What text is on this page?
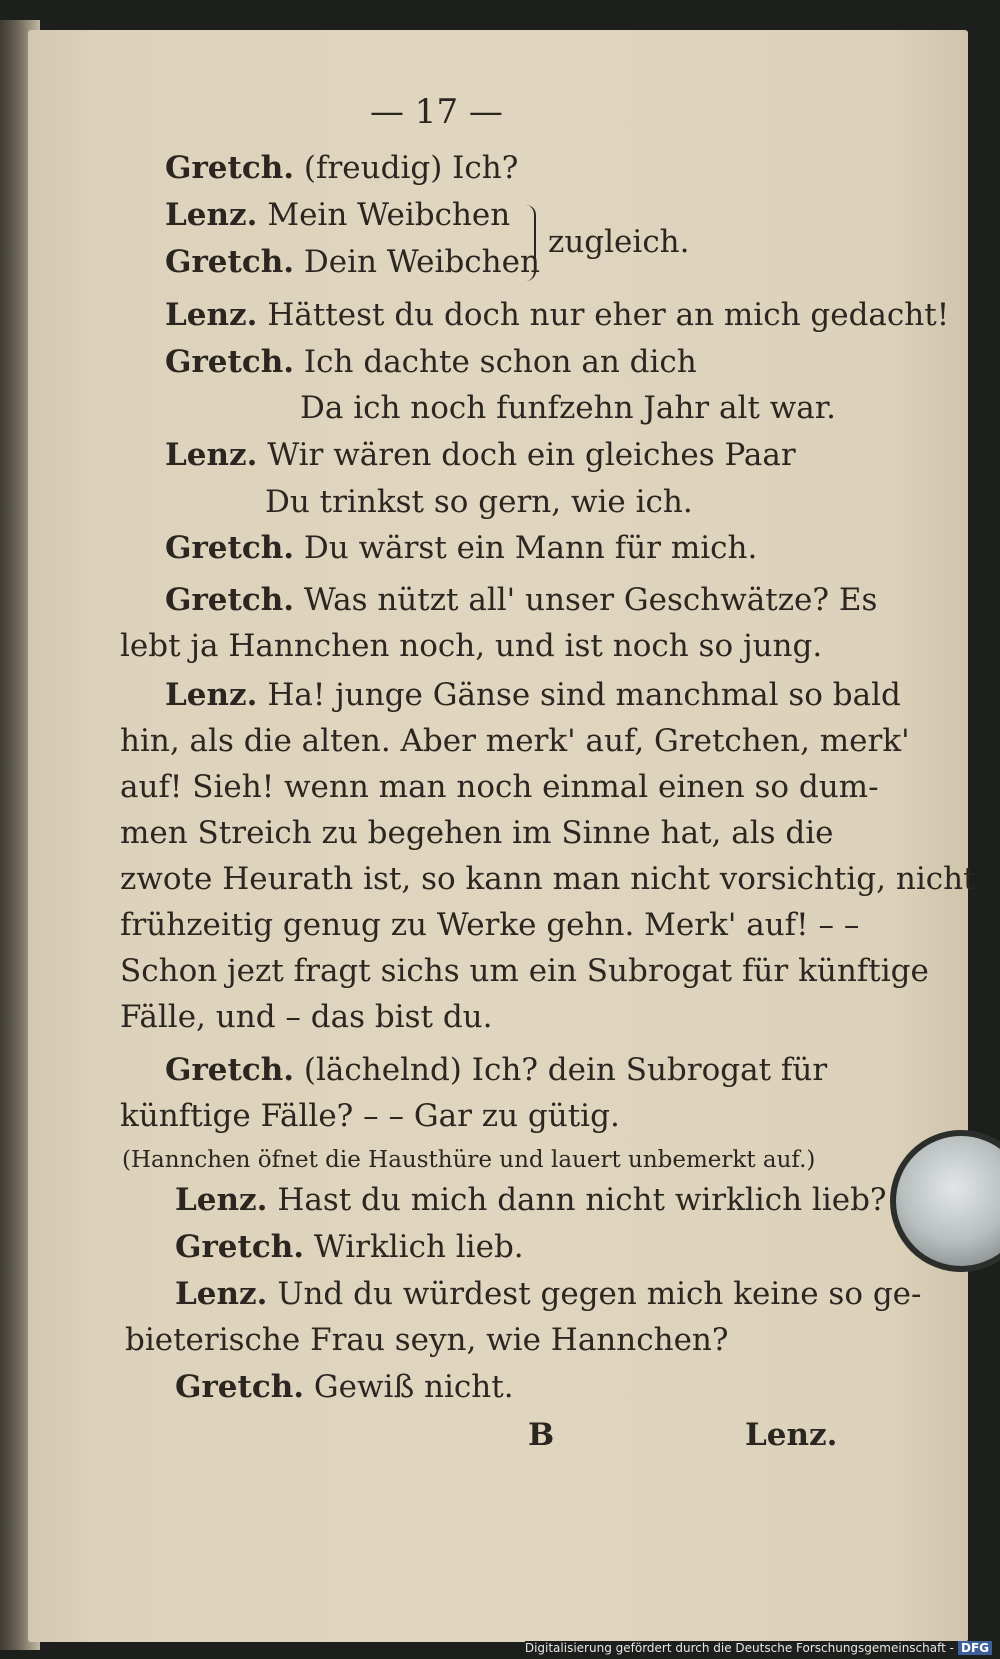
— 17 —
Gretch. (freudig) Ich?
Lenz. Mein Weibchen
Gretch. Dein Weibchen
zugleich.
Lenz. Hättest du doch nur eher an mich gedacht!
Gretch. Ich dachte schon an dich
Da ich noch funfzehn Jahr alt war.
Lenz. Wir wären doch ein gleiches Paar
Du trinkst so gern, wie ich.
Gretch. Du wärst ein Mann für mich.
Gretch. Was nützt all' unser Geschwätze? Es
lebt ja Hannchen noch, und ist noch so jung.
Lenz. Ha! junge Gänse sind manchmal so bald
hin, als die alten. Aber merk' auf, Gretchen, merk'
auf! Sieh! wenn man noch einmal einen so dum-
men Streich zu begehen im Sinne hat, als die
zwote Heurath ist, so kann man nicht vorsichtig, nicht
frühzeitig genug zu Werke gehn. Merk' auf! – –
Schon jezt fragt sichs um ein Subrogat für künftige
Fälle, und – das bist du.
Gretch. (lächelnd) Ich? dein Subrogat für
künftige Fälle? – – Gar zu gütig.
(Hannchen öfnet die Hausthüre und lauert unbemerkt auf.)
Lenz. Hast du mich dann nicht wirklich lieb?
Gretch. Wirklich lieb.
Lenz. Und du würdest gegen mich keine so ge-
bieterische Frau seyn, wie Hannchen?
Gretch. Gewiß nicht.
B	Lenz.
Digitalisierung gefördert durch die Deutsche Forschungsgemeinschaft - DFG
